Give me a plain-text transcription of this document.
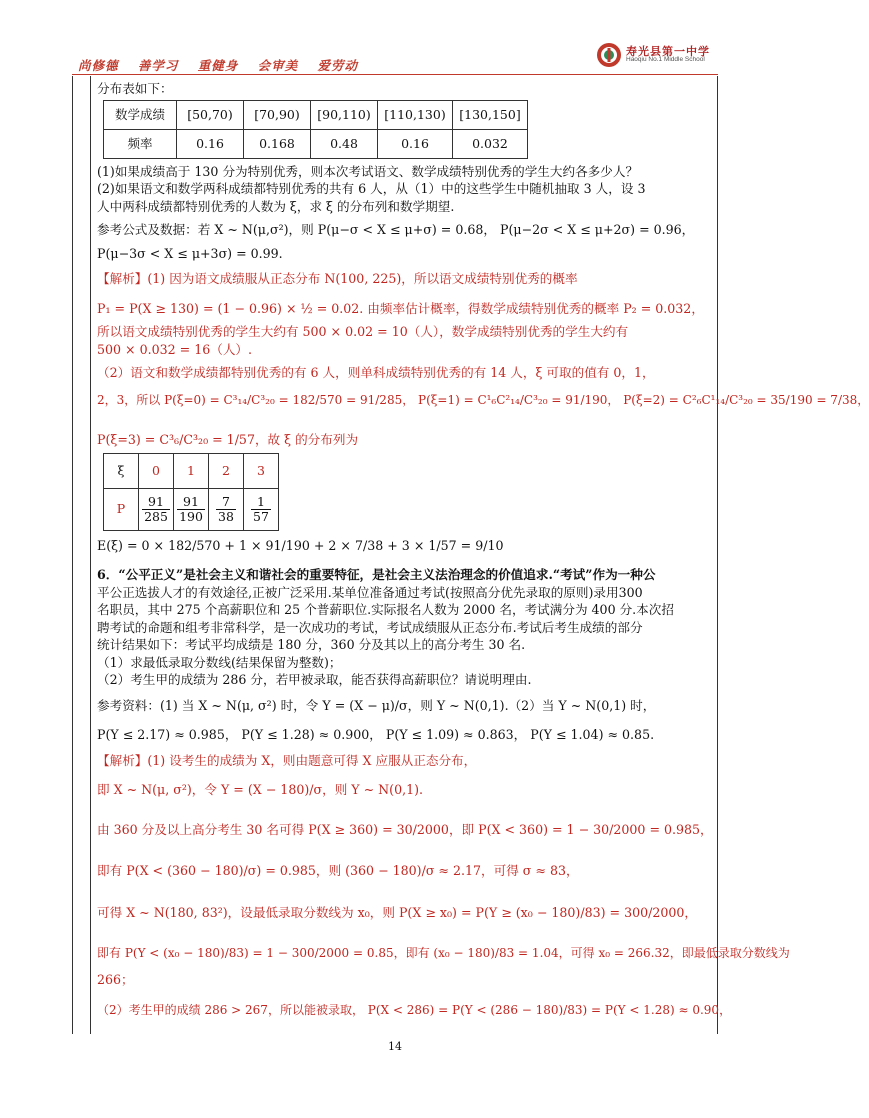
尚修德 善学习 重健身 会审美 爱劳动
寿光县第一中学
Haoqiu No.1 Middle School
分布表如下：
数学成绩	[50,70)	[70,90)	[90,110)	[110,130)	[130,150]
频率	0.16	0.168	0.48	0.16	0.032
(1)如果成绩高于 130 分为特别优秀，则本次考试语文、数学成绩特别优秀的学生大约各多少人？
(2)如果语文和数学两科成绩都特别优秀的共有 6 人，从（1）中的这些学生中随机抽取 3 人，设 3
人中两科成绩都特别优秀的人数为 ξ，求 ξ 的分布列和数学期望.
参考公式及数据：若 X ~ N(μ,σ²)，则 P(μ−σ < X ≤ μ+σ) = 0.68， P(μ−2σ < X ≤ μ+2σ) = 0.96，
P(μ−3σ < X ≤ μ+3σ) = 0.99.
【解析】(1) 因为语文成绩服从正态分布 N(100, 225)，所以语文成绩特别优秀的概率
P₁ = P(X ≥ 130) = (1 − 0.96) × ½ = 0.02. 由频率估计概率，得数学成绩特别优秀的概率 P₂ = 0.032，
所以语文成绩特别优秀的学生大约有 500 × 0.02 = 10（人），数学成绩特别优秀的学生大约有
500 × 0.032 = 16（人）.
（2）语文和数学成绩都特别优秀的有 6 人，则单科成绩特别优秀的有 14 人，ξ 可取的值有 0，1，
2，3，所以 P(ξ=0) = C³₁₄/C³₂₀ = 182/570 = 91/285， P(ξ=1) = C¹₆C²₁₄/C³₂₀ = 91/190， P(ξ=2) = C²₆C¹₁₄/C³₂₀ = 35/190 = 7/38，
P(ξ=3) = C³₆/C³₂₀ = 1/57，故 ξ 的分布列为
ξ	0	1	2	3
P	$\frac{91}{285}$	$\frac{91}{190}$	$\frac{7}{38}$	$\frac{1}{57}$
E(ξ) = 0 × 182/570 + 1 × 91/190 + 2 × 7/38 + 3 × 1/57 = 9/10
6．“公平正义”是社会主义和谐社会的重要特征，是社会主义法治理念的价值追求.“考试”作为一种公
平公正选拔人才的有效途径,正被广泛采用.某单位准备通过考试(按照高分优先录取的原则)录用300
名职员，其中 275 个高薪职位和 25 个普薪职位.实际报名人数为 2000 名，考试满分为 400 分.本次招
聘考试的命题和组考非常科学，是一次成功的考试，考试成绩服从正态分布.考试后考生成绩的部分
统计结果如下：考试平均成绩是 180 分，360 分及其以上的高分考生 30 名.
（1）求最低录取分数线(结果保留为整数)；
（2）考生甲的成绩为 286 分，若甲被录取，能否获得高薪职位？请说明理由.
参考资料：(1) 当 X ~ N(μ, σ²) 时，令 Y = (X − μ)/σ，则 Y ~ N(0,1).（2）当 Y ~ N(0,1) 时，
P(Y ≤ 2.17) ≈ 0.985， P(Y ≤ 1.28) ≈ 0.900， P(Y ≤ 1.09) ≈ 0.863， P(Y ≤ 1.04) ≈ 0.85.
【解析】(1) 设考生的成绩为 X，则由题意可得 X 应服从正态分布，
即 X ~ N(μ, σ²)，令 Y = (X − 180)/σ，则 Y ~ N(0,1).
由 360 分及以上高分考生 30 名可得 P(X ≥ 360) = 30/2000，即 P(X < 360) = 1 − 30/2000 = 0.985，
即有 P(X < (360 − 180)/σ) = 0.985，则 (360 − 180)/σ ≈ 2.17，可得 σ ≈ 83，
可得 X ~ N(180, 83²)，设最低录取分数线为 x₀，则 P(X ≥ x₀) = P(Y ≥ (x₀ − 180)/83) = 300/2000，
即有 P(Y < (x₀ − 180)/83) = 1 − 300/2000 = 0.85，即有 (x₀ − 180)/83 = 1.04，可得 x₀ = 266.32，即最低录取分数线为
266；
（2）考生甲的成绩 286 > 267，所以能被录取， P(X < 286) = P(Y < (286 − 180)/83) = P(Y < 1.28) ≈ 0.90，
14
